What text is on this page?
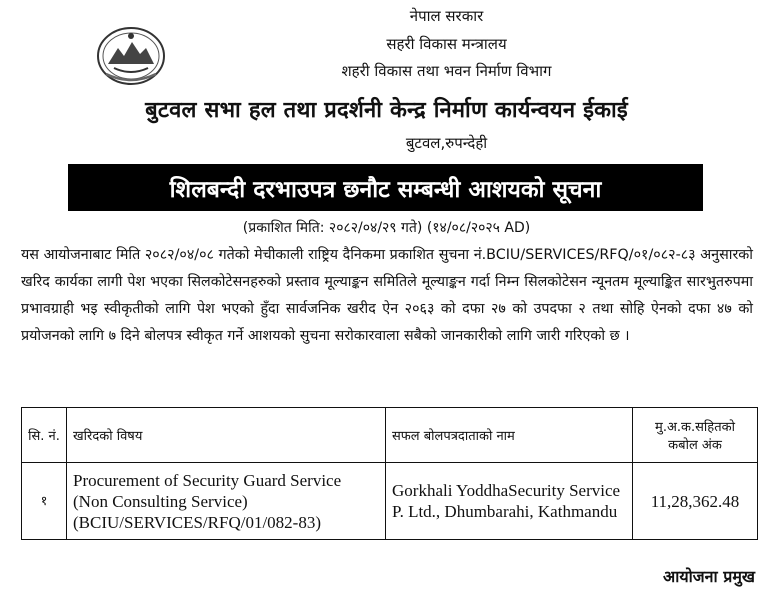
नेपाल सरकार
सहरी विकास मन्त्रालय
शहरी विकास तथा भवन निर्माण विभाग
बुटवल सभा हल तथा प्रदर्शनी केन्द्र निर्माण कार्यन्वयन ईकाई
बुटवल,रुपन्देही
शिलबन्दी दरभाउपत्र छनौट सम्बन्धी आशयको सूचना
(प्रकाशित मिति: २०८२/०४/२९ गते) (१४/०८/२०२५ AD)
यस आयोजनाबाट मिति २०८२/०४/०८ गतेको मेचीकाली राष्ट्रिय दैनिकमा प्रकाशित सुचना नं.BCIU/SERVICES/RFQ/०१/०८२-८३ अनुसारको खरिद कार्यका लागी पेश भएका सिलकोटेसनहरुको प्रस्ताव मूल्याङ्कन समितिले मूल्याङ्कन गर्दा निम्न सिलकोटेसन न्यूनतम मूल्याङ्कित सारभुतरुपमा प्रभावग्राही भइ स्वीकृतीको लागि पेश भएको हुँदा सार्वजनिक खरीद ऐन २०६३ को दफा २७ को उपदफा २ तथा सोहि ऐनको दफा ४७ को प्रयोजनको लागि ७ दिने बोलपत्र स्वीकृत गर्ने आशयको सुचना सरोकारवाला सबैको जानकारीको लागि जारी गरिएको छ ।
सि. नं.	खरिदको विषय	सफल बोलपत्रदाताको नाम	मु.अ.क.सहितको कबोल अंक
१	Procurement of Security Guard Service (Non Consulting Service) (BCIU/SERVICES/RFQ/01/082-83)	Gorkhali YoddhaSecurity Service P. Ltd., Dhumbarahi, Kathmandu	11,28,362.48
आयोजना प्रमुख
